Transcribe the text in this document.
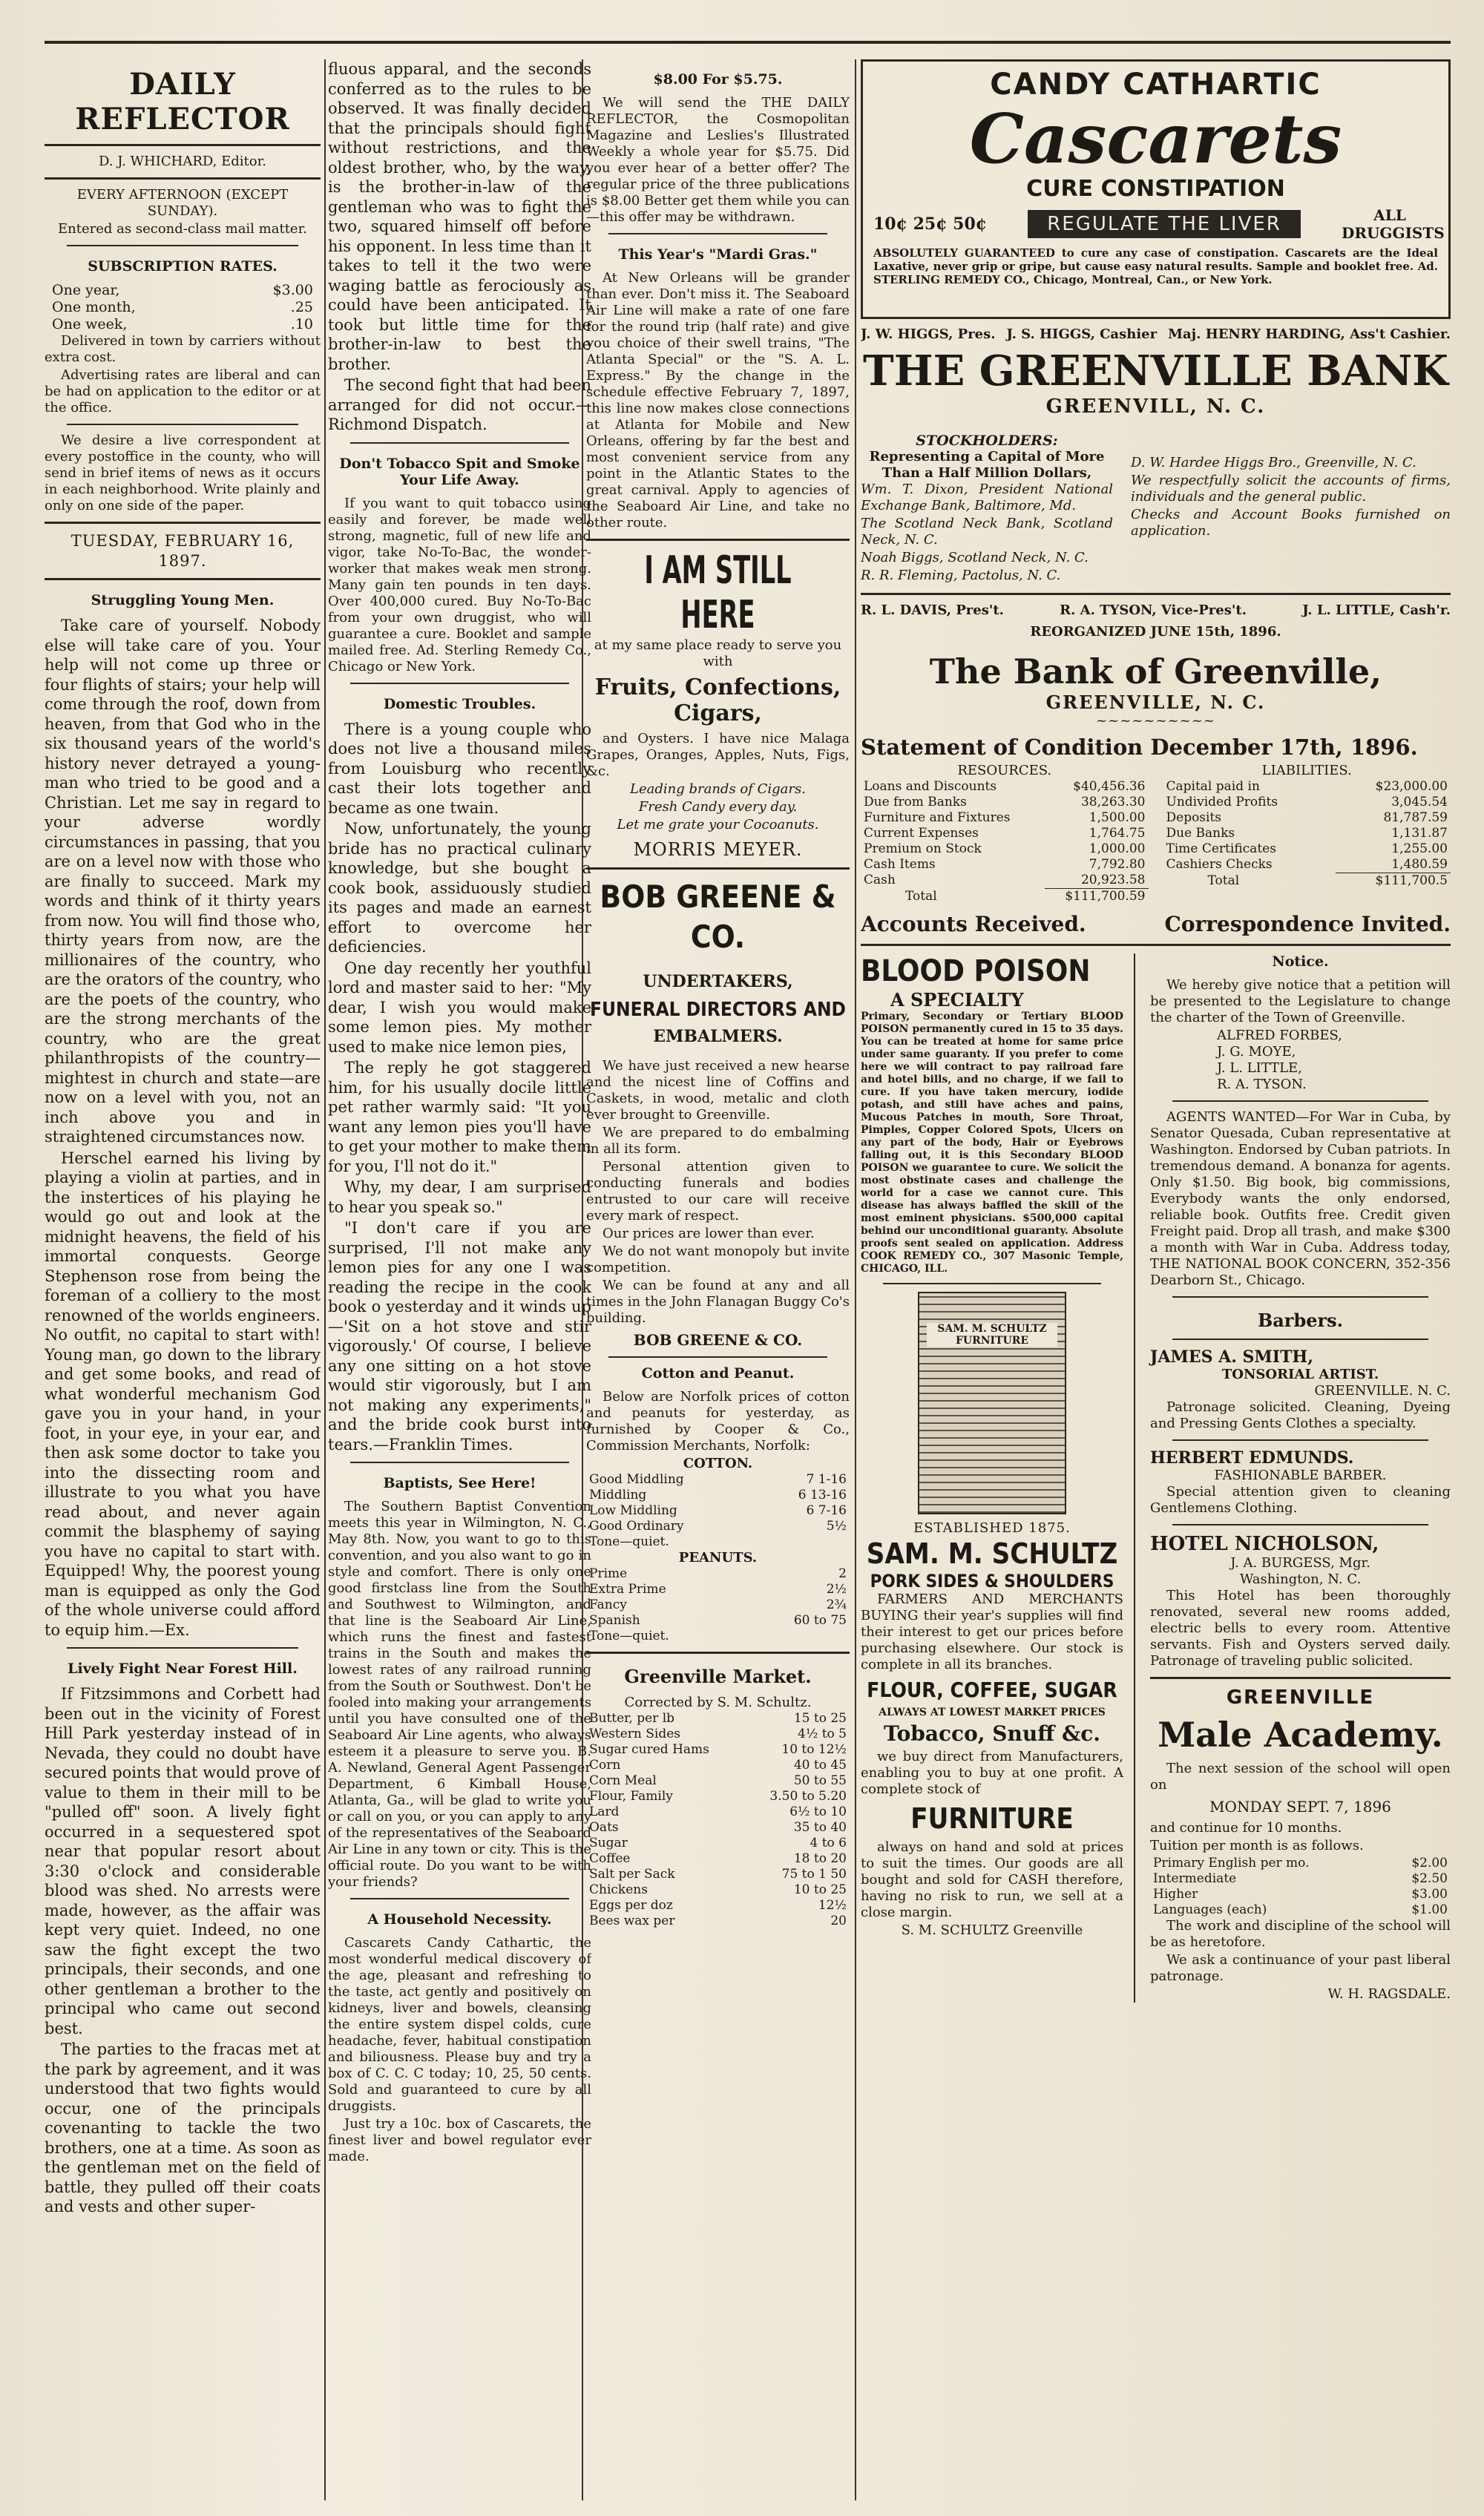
DAILY REFLECTOR

D. J. WHICHARD, Editor.

EVERY AFTERNOON (EXCEPT SUNDAY).

Entered as second-class mail matter.

SUBSCRIPTION RATES.
One year,	$3.00
One month,	.25
One week,	.10

Delivered in town by carriers without extra cost.

Advertising rates are liberal and can be had on application to the editor or at the office.

We desire a live correspondent at every postoffice in the county, who will send in brief items of news as it occurs in each neighborhood. Write plainly and only on one side of the paper.

TUESDAY, FEBRUARY 16, 1897.

Struggling Young Men.

Take care of yourself. Nobody else will take care of you. Your help will not come up three or four flights of stairs; your help will come through the roof, down from heaven, from that God who in the six thousand years of the world's history never detrayed a young-man who tried to be good and a Christian. Let me say in regard to your adverse wordly circumstances in passing, that you are on a level now with those who are finally to succeed. Mark my words and think of it thirty years from now. You will find those who, thirty years from now, are the millionaires of the country, who are the orators of the country, who are the poets of the country, who are the strong merchants of the country, who are the great philanthropists of the country—mightest in church and state—are now on a level with you, not an inch above you and in straightened circumstances now.

Herschel earned his living by playing a violin at parties, and in the instertices of his playing he would go out and look at the midnight heavens, the field of his immortal conquests. George Stephenson rose from being the foreman of a colliery to the most renowned of the worlds engineers. No outfit, no capital to start with! Young man, go down to the library and get some books, and read of what wonderful mechanism God gave you in your hand, in your foot, in your eye, in your ear, and then ask some doctor to take you into the dissecting room and illustrate to you what you have read about, and never again commit the blasphemy of saying you have no capital to start with. Equipped! Why, the poorest young man is equipped as only the God of the whole universe could afford to equip him.—Ex.

Lively Fight Near Forest Hill.

If Fitzsimmons and Corbett had been out in the vicinity of Forest Hill Park yesterday instead of in Nevada, they could no doubt have secured points that would prove of value to them in their mill to be "pulled off" soon. A lively fight occurred in a sequestered spot near that popular resort about 3:30 o'clock and considerable blood was shed. No arrests were made, however, as the affair was kept very quiet. Indeed, no one saw the fight except the two principals, their seconds, and one other gentleman a brother to the principal who came out second best.

The parties to the fracas met at the park by agreement, and it was understood that two fights would occur, one of the principals covenanting to tackle the two brothers, one at a time. As soon as the gentleman met on the field of battle, they pulled off their coats and vests and other super-

fluous apparal, and the seconds conferred as to the rules to be observed. It was finally decided that the principals should fight without restrictions, and the oldest brother, who, by the way, is the brother-in-law of the gentleman who was to fight the two, squared himself off before his opponent. In less time than it takes to tell it the two were waging battle as ferociously as could have been anticipated. It took but little time for the brother-in-law to best the brother.

The second fight that had been arranged for did not occur.—Richmond Dispatch.

Don't Tobacco Spit and Smoke Your Life Away.

If you want to quit tobacco using easily and forever, be made well strong, magnetic, full of new life and vigor, take No-To-Bac, the wonder-worker that makes weak men strong. Many gain ten pounds in ten days. Over 400,000 cured. Buy No-To-Bac from your own druggist, who will guarantee a cure. Booklet and sample mailed free. Ad. Sterling Remedy Co., Chicago or New York.

Domestic Troubles.

There is a young couple who does not live a thousand miles from Louisburg who recently cast their lots together and became as one twain.

Now, unfortunately, the young bride has no practical culinary knowledge, but she bought a cook book, assiduously studied its pages and made an earnest effort to overcome her deficiencies.

One day recently her youthful lord and master said to her: "My dear, I wish you would make some lemon pies. My mother used to make nice lemon pies,

The reply he got staggered him, for his usually docile little pet rather warmly said: "It you want any lemon pies you'll have to get your mother to make them for you, I'll not do it."

Why, my dear, I am surprised to hear you speak so."

"I don't care if you are surprised, I'll not make any lemon pies for any one I was reading the recipe in the cook book o yesterday and it winds up—'Sit on a hot stove and stir vigorously.' Of course, I believe any one sitting on a hot stove would stir vigorously, but I am not making any experiments," and the bride cook burst into tears.—Franklin Times.

Baptists, See Here!

The Southern Baptist Convention meets this year in Wilmington, N. C., May 8th. Now, you want to go to this convention, and you also want to go in style and comfort. There is only one good firstclass line from the South and Southwest to Wilmington, and that line is the Seaboard Air Line, which runs the finest and fastest trains in the South and makes the lowest rates of any railroad running from the South or Southwest. Don't be fooled into making your arrangements until you have consulted one of the Seaboard Air Line agents, who always esteem it a pleasure to serve you. B. A. Newland, General Agent Passenger Department, 6 Kimball House, Atlanta, Ga., will be glad to write you or call on you, or you can apply to any of the representatives of the Seaboard Air Line in any town or city. This is the official route. Do you want to be with your friends?

A Household Necessity.

Cascarets Candy Cathartic, the most wonderful medical discovery of the age, pleasant and refreshing to the taste, act gently and positively on kidneys, liver and bowels, cleansing the entire system dispel colds, cure headache, fever, habitual constipation and biliousness. Please buy and try a box of C. C. C today; 10, 25, 50 cents. Sold and guaranteed to cure by all druggists.

Just try a 10c. box of Cascarets, the finest liver and bowel regulator ever made.

$8.00 For $5.75.

We will send the THE DAILY REFLECTOR, the Cosmopolitan Magazine and Leslies's Illustrated Weekly a whole year for $5.75. Did you ever hear of a better offer? The regular price of the three publications is $8.00 Better get them while you can—this offer may be withdrawn.

This Year's "Mardi Gras."

At New Orleans will be grander than ever. Don't miss it. The Seaboard Air Line will make a rate of one fare for the round trip (half rate) and give you choice of their swell trains, "The Atlanta Special" or the "S. A. L. Express." By the change in the schedule effective February 7, 1897, this line now makes close connections at Atlanta for Mobile and New Orleans, offering by far the best and most convenient service from any point in the Atlantic States to the great carnival. Apply to agencies of the Seaboard Air Line, and take no other route.

I AM STILL HERE

at my same place ready to serve you with

Fruits, Confections, Cigars,

and Oysters. I have nice Malaga Grapes, Oranges, Apples, Nuts, Figs, &c.

Leading brands of Cigars.

Fresh Candy every day.

Let me grate your Cocoanuts.

MORRIS MEYER.
BOB GREENE & CO.
UNDERTAKERS,
FUNERAL DIRECTORS AND
EMBALMERS.

We have just received a new hearse and the nicest line of Coffins and Caskets, in wood, metalic and cloth ever brought to Greenville.

We are prepared to do embalming in all its form.

Personal attention given to conducting funerals and bodies entrusted to our care will receive every mark of respect.

Our prices are lower than ever.

We do not want monopoly but invite competition.

We can be found at any and all times in the John Flanagan Buggy Co's building.

BOB GREENE & CO.
Cotton and Peanut.

Below are Norfolk prices of cotton and peanuts for yesterday, as furnished by Cooper & Co., Commission Merchants, Norfolk:

COTTON.
Good Middling	7 1-16
Middling	6 13-16
Low Middling	6 7-16
Good Ordinary	5½
Tone—quiet.	
PEANUTS.
Prime	2
Extra Prime	2½
Fancy	2¾
Spanish	60 to 75
Tone—quiet.	
Greenville Market.
Corrected by S. M. Schultz.
Butter, per lb	15 to 25
Western Sides	4½ to 5
Sugar cured Hams	10 to 12½
Corn	40 to 45
Corn Meal	50 to 55
Flour, Family	3.50 to 5.20
Lard	6½ to 10
Oats	35 to 40
Sugar	4 to 6
Coffee	18 to 20
Salt per Sack	75 to 1 50
Chickens	10 to 25
Eggs per doz	12½
Bees wax per	20
CANDY CATHARTIC
Cascarets
CURE CONSTIPATION
10¢ 25¢ 50¢	REGULATE THE LIVER	ALL DRUGGISTS

ABSOLUTELY GUARANTEED to cure any case of constipation. Cascarets are the Ideal Laxative, never grip or gripe, but cause easy natural results. Sample and booklet free. Ad. STERLING REMEDY CO., Chicago, Montreal, Can., or New York.

J. W. HIGGS, Pres. J. S. HIGGS, Cashier Maj. HENRY HARDING, Ass't Cashier.
THE GREENVILLE BANK
GREENVILL, N. C.
STOCKHOLDERS:
Representing a Capital of More Than a Half Million Dollars,

Wm. T. Dixon, President National Exchange Bank, Baltimore, Md.

The Scotland Neck Bank, Scotland Neck, N. C.

Noah Biggs, Scotland Neck, N. C.

R. R. Fleming, Pactolus, N. C.

D. W. Hardee Higgs Bro., Greenville, N. C.

We respectfully solicit the accounts of firms, individuals and the general public.

Checks and Account Books furnished on application.

R. L. DAVIS, Pres't.	R. A. TYSON, Vice-Pres't.	J. L. LITTLE, Cash'r.
REORGANIZED JUNE 15th, 1896.
The Bank of Greenville,
GREENVILLE, N. C.
~~~~~~~~~~
Statement of Condition December 17th, 1896.
RESOURCES.
Loans and Discounts	$40,456.36
Due from Banks	38,263.30
Furniture and Fixtures	1,500.00
Current Expenses	1,764.75
Premium on Stock	1,000.00
Cash Items	7,792.80
Cash	20,923.58
Total	$111,700.59
LIABILITIES.
Capital paid in	$23,000.00
Undivided Profits	3,045.54
Deposits	81,787.59
Due Banks	1,131.87
Time Certificates	1,255.00
Cashiers Checks	1,480.59
Total	$111,700.5
Accounts Received.	Correspondence Invited.
BLOOD POISON
A SPECIALTY

Primary, Secondary or Tertiary BLOOD POISON permanently cured in 15 to 35 days. You can be treated at home for same price under same guaranty. If you prefer to come here we will contract to pay railroad fare and hotel bills, and no charge, if we fail to cure. If you have taken mercury, iodide potash, and still have aches and pains, Mucous Patches in mouth, Sore Throat, Pimples, Copper Colored Spots, Ulcers on any part of the body, Hair or Eyebrows falling out, it is this Secondary BLOOD POISON we guarantee to cure. We solicit the most obstinate cases and challenge the world for a case we cannot cure. This disease has always baffled the skill of the most eminent physicians. $500,000 capital behind our unconditional guaranty. Absolute proofs sent sealed on application. Address COOK REMEDY CO., 307 Masonic Temple, CHICAGO, ILL.

SAM. M. SCHULTZ FURNITURE
ESTABLISHED 1875.
SAM. M. SCHULTZ
PORK SIDES & SHOULDERS

FARMERS AND MERCHANTS BUYING their year's supplies will find their interest to get our prices before purchasing elsewhere. Our stock is complete in all its branches.

FLOUR, COFFEE, SUGAR
ALWAYS AT LOWEST MARKET PRICES
Tobacco, Snuff &c.

we buy direct from Manufacturers, enabling you to buy at one profit. A complete stock of

FURNITURE

always on hand and sold at prices to suit the times. Our goods are all bought and sold for CASH therefore, having no risk to run, we sell at a close margin.

S. M. SCHULTZ Greenville
Notice.

We hereby give notice that a petition will be presented to the Legislature to change the charter of the Town of Greenville.

ALFRED FORBES,
J. G. MOYE,
J. L. LITTLE,
R. A. TYSON.

AGENTS WANTED—For War in Cuba, by Senator Quesada, Cuban representative at Washington. Endorsed by Cuban patriots. In tremendous demand. A bonanza for agents. Only $1.50. Big book, big commissions, Everybody wants the only endorsed, reliable book. Outfits free. Credit given Freight paid. Drop all trash, and make $300 a month with War in Cuba. Address today, THE NATIONAL BOOK CONCERN, 352-356 Dearborn St., Chicago.

Barbers.
JAMES A. SMITH,
TONSORIAL ARTIST.
GREENVILLE. N. C.

Patronage solicited. Cleaning, Dyeing and Pressing Gents Clothes a specialty.

HERBERT EDMUNDS.
FASHIONABLE BARBER.

Special attention given to cleaning Gentlemens Clothing.

HOTEL NICHOLSON,
J. A. BURGESS, Mgr.
Washington, N. C.

This Hotel has been thoroughly renovated, several new rooms added, electric bells to every room. Attentive servants. Fish and Oysters served daily. Patronage of traveling public solicited.

GREENVILLE
Male Academy.

The next session of the school will open on

MONDAY SEPT. 7, 1896

and continue for 10 months.

Tuition per month is as follows.

Primary English per mo.	$2.00
Intermediate	$2.50
Higher	$3.00
Languages (each)	$1.00

The work and discipline of the school will be as heretofore.

We ask a continuance of your past liberal patronage.

W. H. RAGSDALE.
